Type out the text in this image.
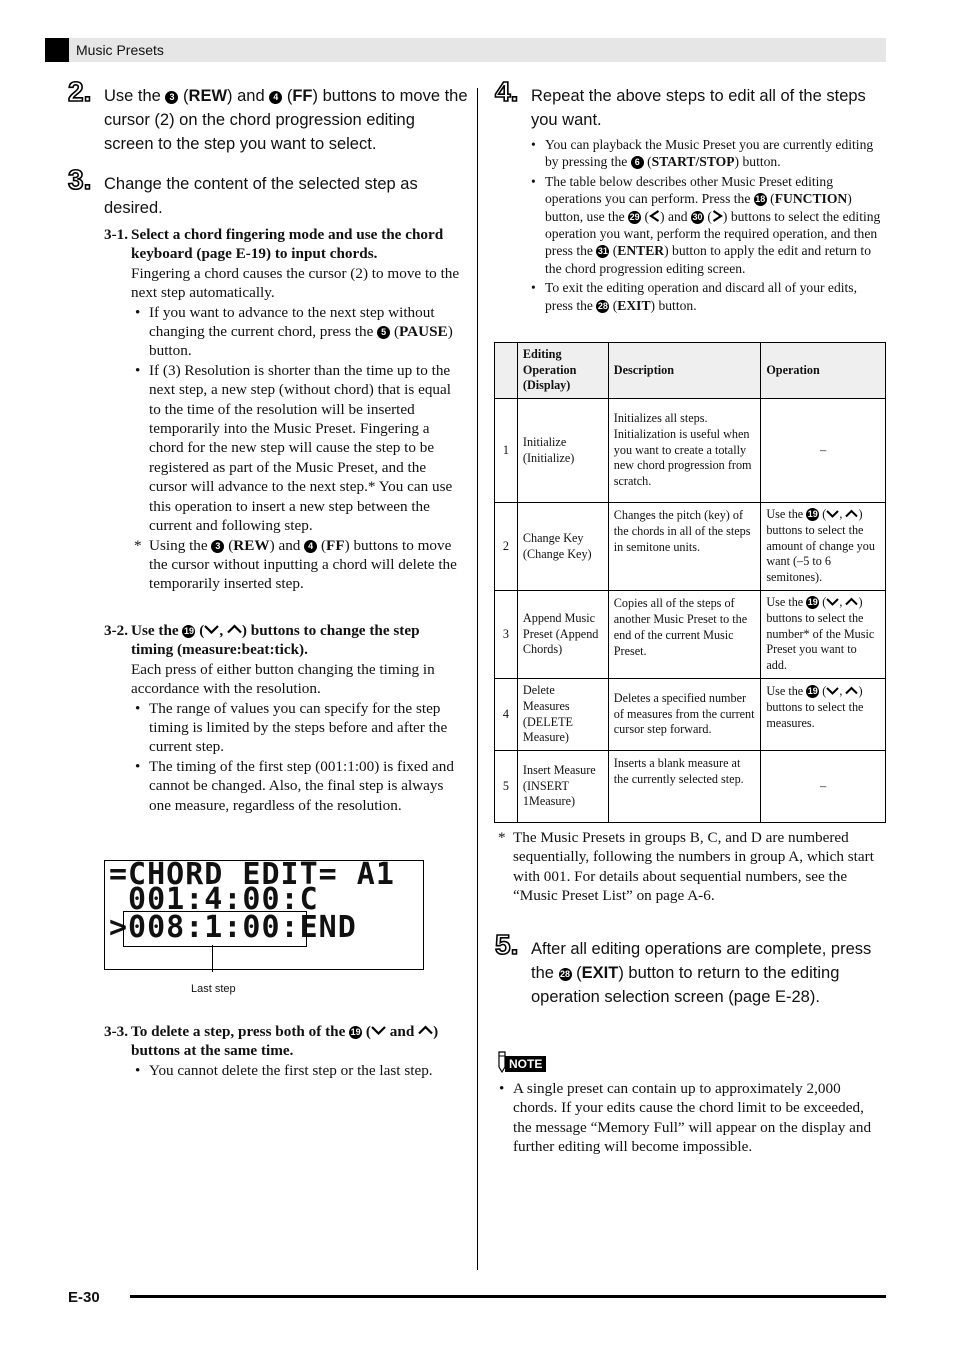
Music Presets
2. Use the 3 (REW) and 4 (FF) buttons to move the cursor (2) on the chord progression editing screen to the step you want to select.
3. Change the content of the selected step as desired.
3-1. Select a chord fingering mode and use the chord keyboard (page E-19) to input chords.
Fingering a chord causes the cursor (2) to move to the next step automatically.
• If you want to advance to the next step without changing the current chord, press the 5 (PAUSE) button.
• If (3) Resolution is shorter than the time up to the next step, a new step (without chord) that is equal to the time of the resolution will be inserted temporarily into the Music Preset. Fingering a chord for the new step will cause the step to be registered as part of the Music Preset, and the cursor will advance to the next step.* You can use this operation to insert a new step between the current and following step.
* Using the 3 (REW) and 4 (FF) buttons to move the cursor without inputting a chord will delete the temporarily inserted step.
3-2. Use the 19 ( , ) buttons to change the step timing (measure:beat:tick).
Each press of either button changing the timing in accordance with the resolution.
• The range of values you can specify for the step timing is limited by the steps before and after the current step.
• The timing of the first step (001:1:00) is fixed and cannot be changed. Also, the final step is always one measure, regardless of the resolution.
=CHORD EDIT= A1
001:4:00:C
>008:1:00:END
Last step
3-3. To delete a step, press both of the 19 ( and ) buttons at the same time.
• You cannot delete the first step or the last step.
4. Repeat the above steps to edit all of the steps you want.
• You can playback the Music Preset you are currently editing by pressing the 6 (START/STOP) button.
• The table below describes other Music Preset editing operations you can perform. Press the 18 (FUNCTION) button, use the 29 ( ) and 30 ( ) buttons to select the editing operation you want, perform the required operation, and then press the 31 (ENTER) button to apply the edit and return to the chord progression editing screen.
• To exit the editing operation and discard all of your edits, press the 28 (EXIT) button.
	Editing Operation (Display)	Description	Operation
1	Initialize (Initialize)	Initializes all steps. Initialization is useful when you want to create a totally new chord progression from scratch.	–
2	Change Key (Change Key)	Changes the pitch (key) of the chords in all of the steps in semitone units.	Use the 19 ( , ) buttons to select the amount of change you want (–5 to 6 semitones).
3	Append Music Preset (Append Chords)	Copies all of the steps of another Music Preset to the end of the current Music Preset.	Use the 19 ( , ) buttons to select the number* of the Music Preset you want to add.
4	Delete Measures (DELETE Measure)	Deletes a specified number of measures from the current cursor step forward.	Use the 19 ( , ) buttons to select the measures.
5	Insert Measure (INSERT 1Measure)	Inserts a blank measure at the currently selected step.	–
* The Music Presets in groups B, C, and D are numbered sequentially, following the numbers in group A, which start with 001. For details about sequential numbers, see the “Music Preset List” on page A-6.
5. After all editing operations are complete, press the 28 (EXIT) button to return to the editing operation selection screen (page E-28).
NOTE
• A single preset can contain up to approximately 2,000 chords. If your edits cause the chord limit to be exceeded, the message “Memory Full” will appear on the display and further editing will become impossible.
E-30
